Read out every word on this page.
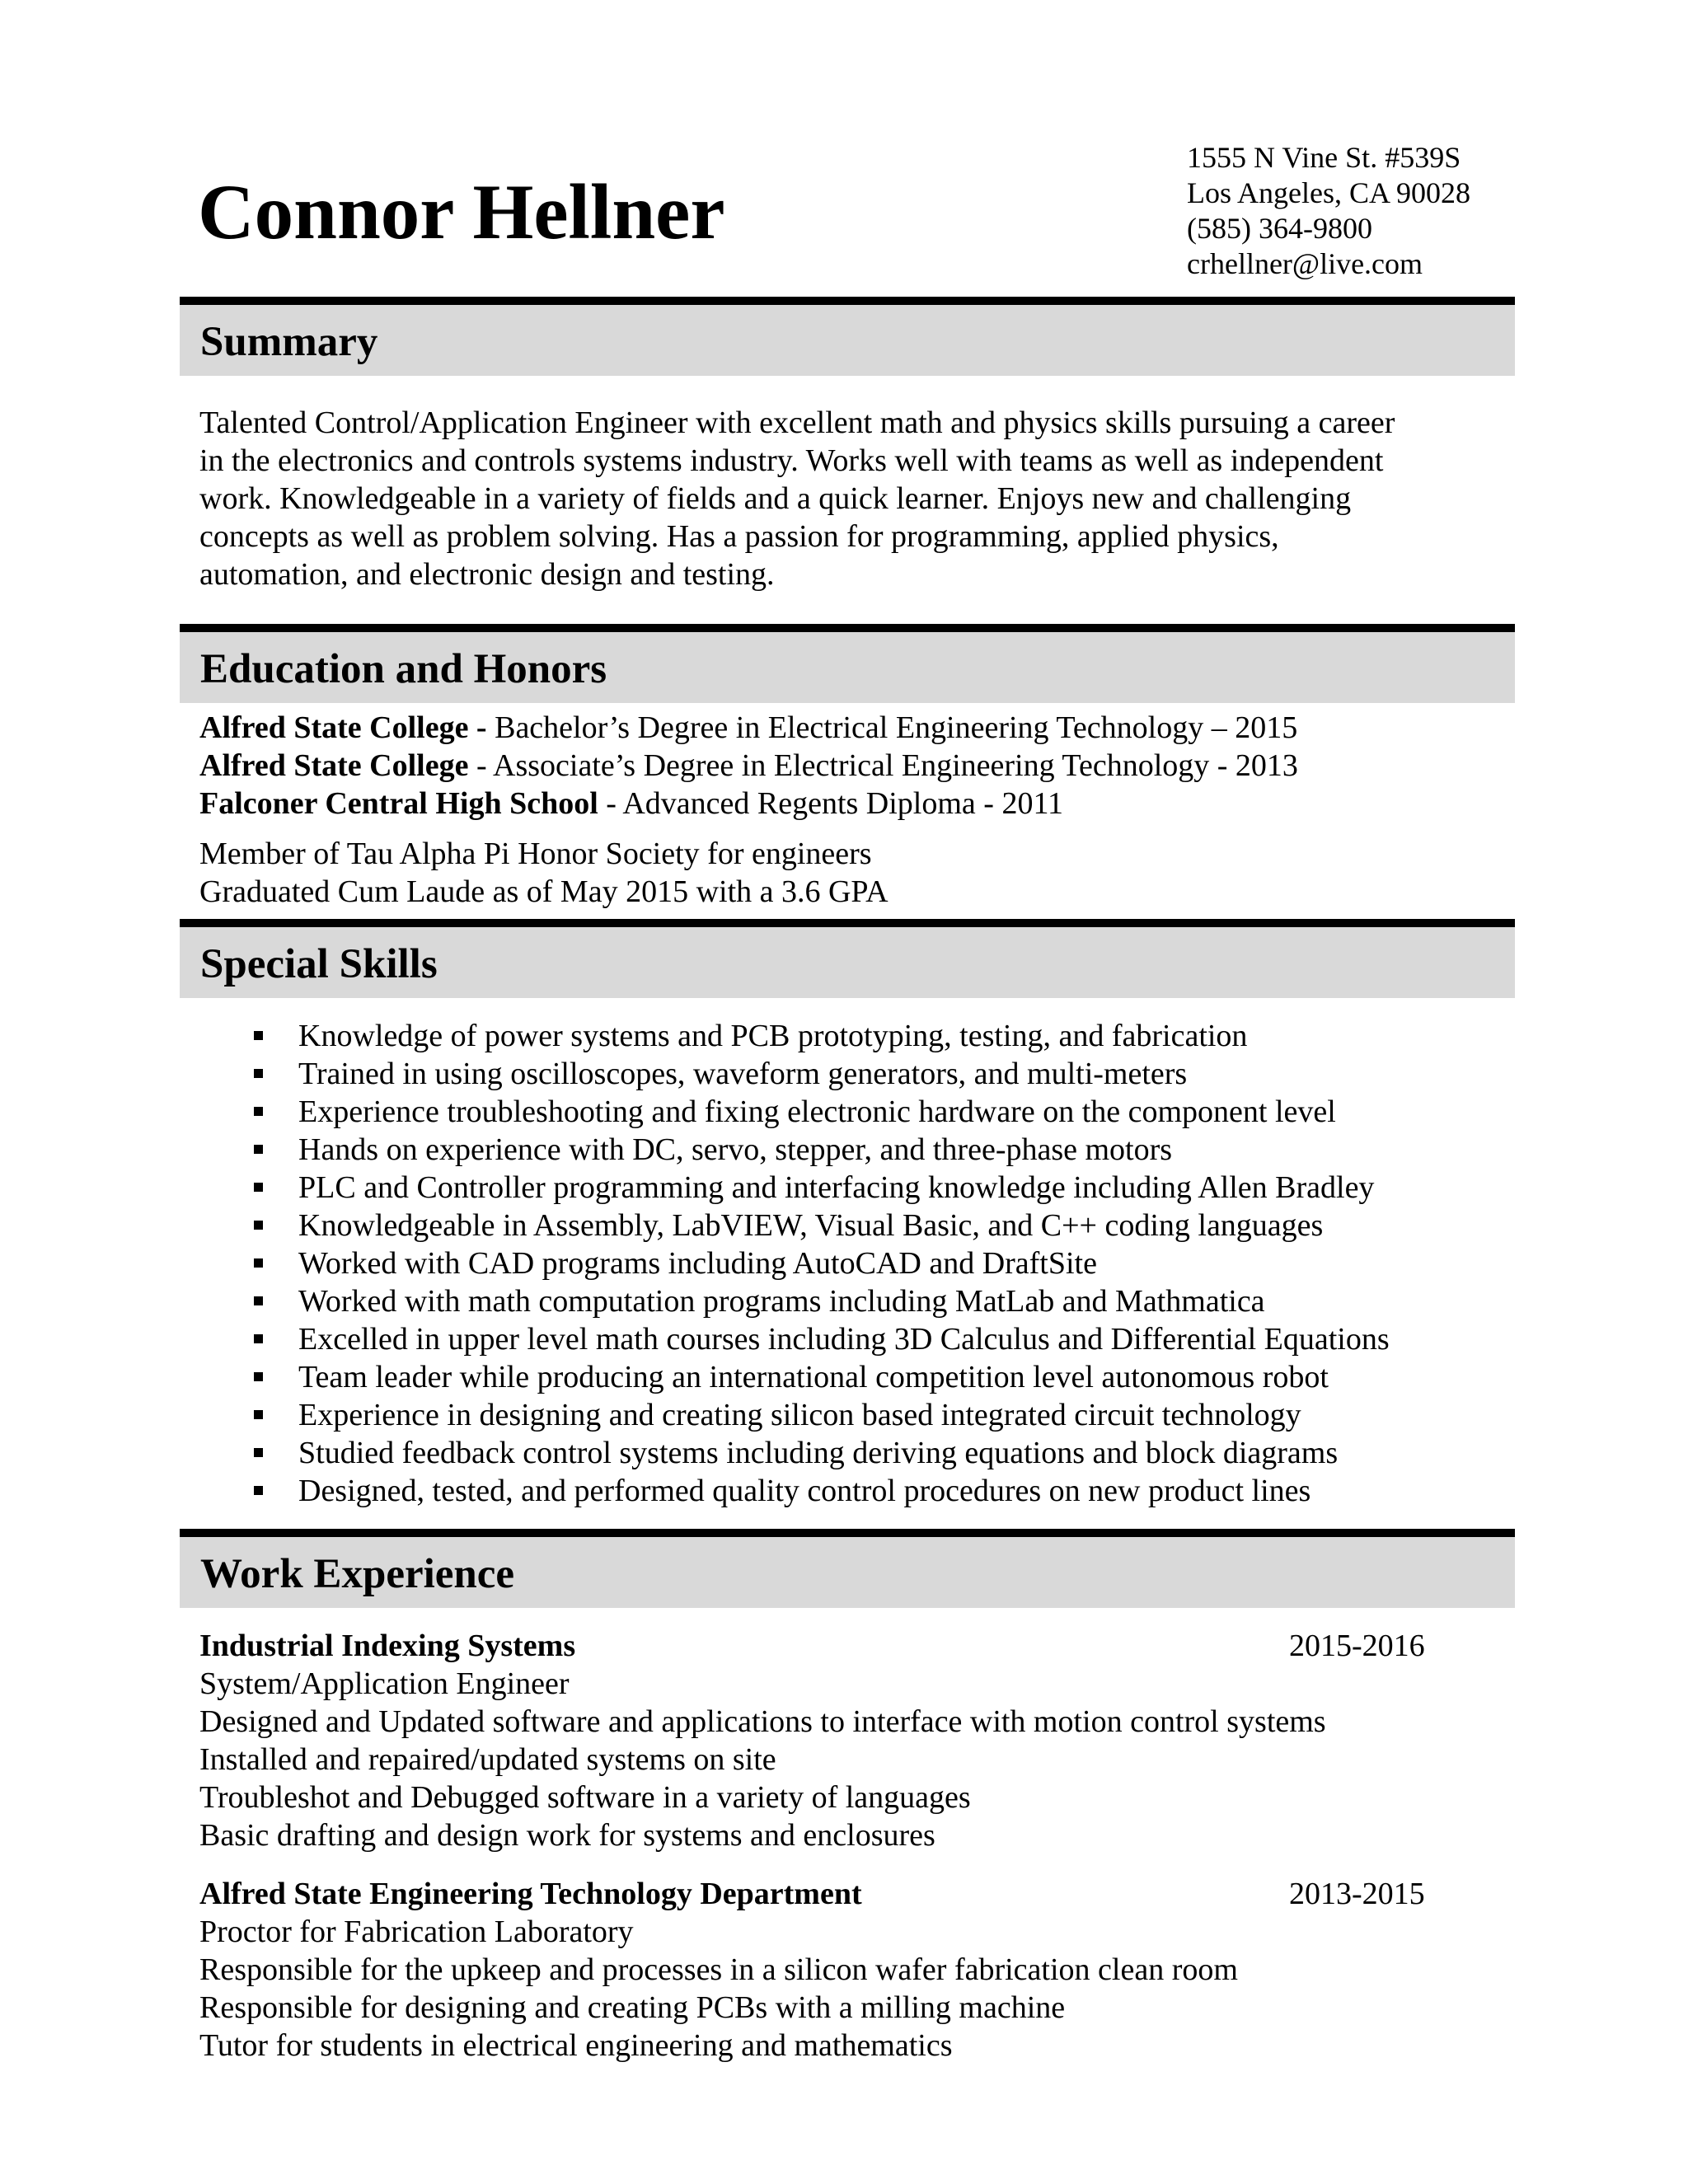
Connor Hellner
1555 N Vine St. #539S
Los Angeles, CA 90028
(585) 364-9800
crhellner@live.com
Summary
Talented Control/Application Engineer with excellent math and physics skills pursuing a career
in the electronics and controls systems industry. Works well with teams as well as independent
work. Knowledgeable in a variety of fields and a quick learner. Enjoys new and challenging
concepts as well as problem solving. Has a passion for programming, applied physics,
automation, and electronic design and testing.
Education and Honors
Alfred State College - Bachelor’s Degree in Electrical Engineering Technology – 2015
Alfred State College - Associate’s Degree in Electrical Engineering Technology - 2013
Falconer Central High School - Advanced Regents Diploma - 2011
Member of Tau Alpha Pi Honor Society for engineers
Graduated Cum Laude as of May 2015 with a 3.6 GPA
Special Skills
Knowledge of power systems and PCB prototyping, testing, and fabrication
Trained in using oscilloscopes, waveform generators, and multi-meters
Experience troubleshooting and fixing electronic hardware on the component level
Hands on experience with DC, servo, stepper, and three-phase motors
PLC and Controller programming and interfacing knowledge including Allen Bradley
Knowledgeable in Assembly, LabVIEW, Visual Basic, and C++ coding languages
Worked with CAD programs including AutoCAD and DraftSite
Worked with math computation programs including MatLab and Mathmatica
Excelled in upper level math courses including 3D Calculus and Differential Equations
Team leader while producing an international competition level autonomous robot
Experience in designing and creating silicon based integrated circuit technology
Studied feedback control systems including deriving equations and block diagrams
Designed, tested, and performed quality control procedures on new product lines
Work Experience
Industrial Indexing Systems	2015-2016
System/Application Engineer
Designed and Updated software and applications to interface with motion control systems
Installed and repaired/updated systems on site
Troubleshot and Debugged software in a variety of languages
Basic drafting and design work for systems and enclosures
Alfred State Engineering Technology Department	2013-2015
Proctor for Fabrication Laboratory
Responsible for the upkeep and processes in a silicon wafer fabrication clean room
Responsible for designing and creating PCBs with a milling machine
Tutor for students in electrical engineering and mathematics
